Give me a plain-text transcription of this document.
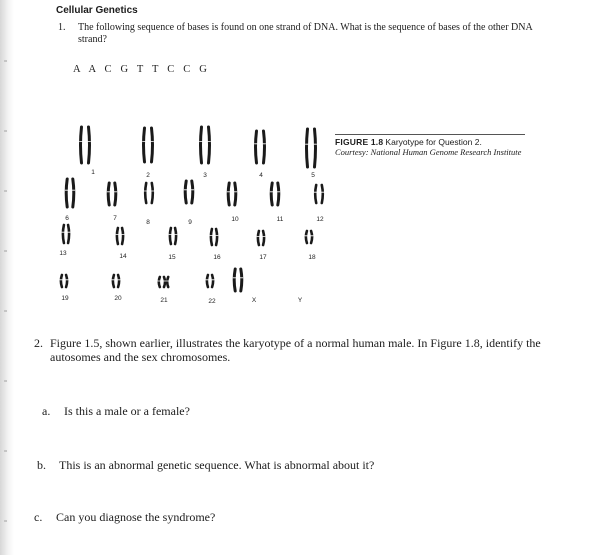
Cellular Genetics

1. The following sequence of bases is found on one strand of DNA. What is the sequence of bases of the other DNA strand?

A A C G T T C C G

1	2	3	4	5
6	7
8	9	10	11	12
13	14	15	16	17	18
19	20	21	22	X	Y
FIGURE 1.8 Karyotype for Question 2.
Courtesy: National Human Genome Research Institute
2. Figure 1.5, shown earlier, illustrates the karyotype of a normal human male. In Figure 1.8, identify the autosomes and the sex chromosomes.

a. Is this a male or a female?

b. This is an abnormal genetic sequence. What is abnormal about it?

c. Can you diagnose the syndrome?
